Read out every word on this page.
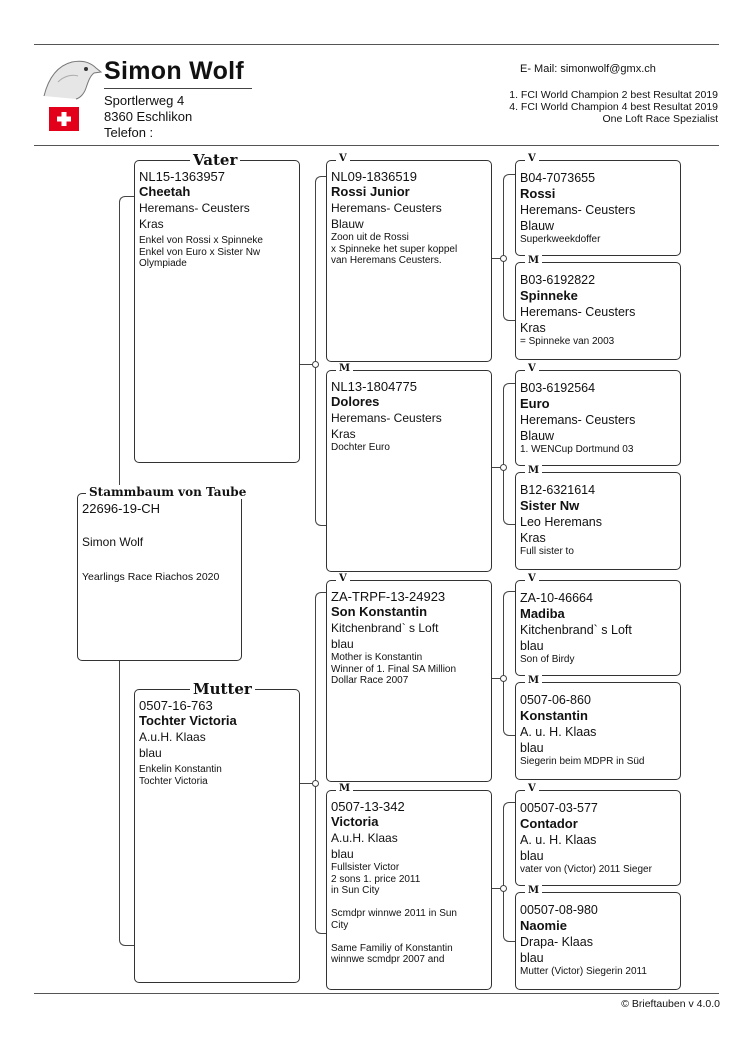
Simon Wolf
Sportlerweg 4
8360 Eschlikon
Telefon :
E- Mail: simonwolf@gmx.ch
1. FCI World Champion 2 best Resultat 2019
4. FCI World Champion 4 best Resultat 2019
One Loft Race Spezialist
22696-19-CH
Simon Wolf
Yearlings Race Riachos 2020
Stammbaum von Taube
NL15-1363957
Cheetah
Heremans- Ceusters
Kras
Enkel von Rossi x Spinneke
Enkel von Euro x Sister Nw
Olympiade
Vater
0507-16-763
Tochter Victoria
A.u.H. Klaas
blau
Enkelin Konstantin
Tochter Victoria
Mutter
NL09-1836519
Rossi Junior
Heremans- Ceusters
Blauw
Zoon uit de Rossi
x Spinneke het super koppel
van Heremans Ceusters.
V
NL13-1804775
Dolores
Heremans- Ceusters
Kras
Dochter Euro
M
ZA-TRPF-13-24923
Son Konstantin
Kitchenbrand` s Loft
blau
Mother is Konstantin
Winner of 1. Final SA Million
Dollar Race 2007
V
0507-13-342
Victoria
A.u.H. Klaas
blau
Fullsister Victor
2 sons 1. price 2011
in Sun City

Scmdpr winnwe 2011 in Sun
City

Same Familiy of Konstantin
winnwe scmdpr 2007 and
M
B04-7073655
Rossi
Heremans- Ceusters
Blauw
Superkweekdoffer
V
B03-6192822
Spinneke
Heremans- Ceusters
Kras
= Spinneke van 2003
M
B03-6192564
Euro
Heremans- Ceusters
Blauw
1. WENCup Dortmund 03
V
B12-6321614
Sister Nw
Leo Heremans
Kras
Full sister to
M
ZA-10-46664
Madiba
Kitchenbrand` s Loft
blau
Son of Birdy
V
0507-06-860
Konstantin
A. u. H. Klaas
blau
Siegerin beim MDPR in Süd
M
00507-03-577
Contador
A. u. H. Klaas
blau
vater von (Victor) 2011 Sieger
V
00507-08-980
Naomie
Drapa- Klaas
blau
Mutter (Victor) Siegerin 2011
M
© Brieftauben v 4.0.0
